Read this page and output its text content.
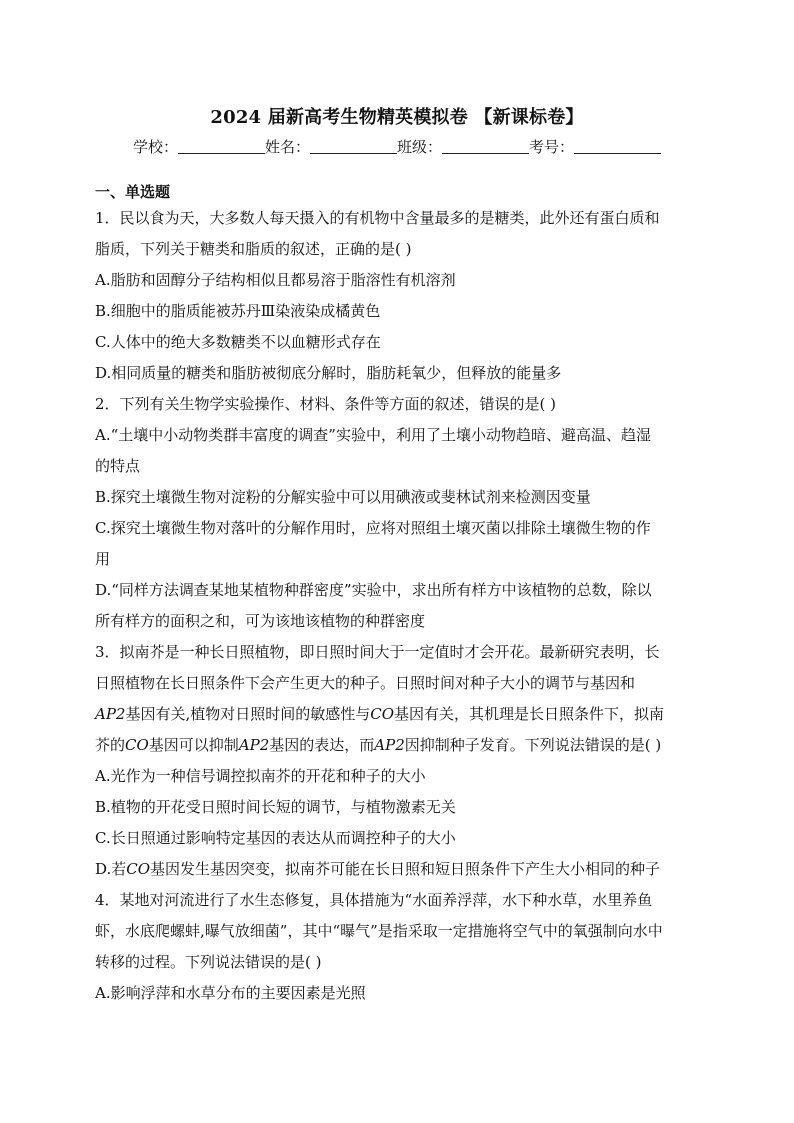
2024 届新高考生物精英模拟卷 【新课标卷】
学校：	姓名：	班级：	考号：
一、单选题
1．民以食为天，大多数人每天摄入的有机物中含量最多的是糖类，此外还有蛋白质和
脂质，下列关于糖类和脂质的叙述，正确的是( )
A.脂肪和固醇分子结构相似且都易溶于脂溶性有机溶剂
B.细胞中的脂质能被苏丹Ⅲ染液染成橘黄色
C.人体中的绝大多数糖类不以血糖形式存在
D.相同质量的糖类和脂肪被彻底分解时，脂肪耗氧少，但释放的能量多
2．下列有关生物学实验操作、材料、条件等方面的叙述，错误的是( )
A.“土壤中小动物类群丰富度的调查”实验中，利用了土壤小动物趋暗、避高温、趋湿
的特点
B.探究土壤微生物对淀粉的分解实验中可以用碘液或斐林试剂来检测因变量
C.探究土壤微生物对落叶的分解作用时，应将对照组土壤灭菌以排除土壤微生物的作
用
D.“同样方法调查某地某植物种群密度”实验中，求出所有样方中该植物的总数，除以
所有样方的面积之和，可为该地该植物的种群密度
3．拟南芥是一种长日照植物，即日照时间大于一定值时才会开花。最新研究表明，长
日照植物在长日照条件下会产生更大的种子。日照时间对种子大小的调节与基因和
AP2基因有关,植物对日照时间的敏感性与CO基因有关，其机理是长日照条件下，拟南
芥的CO基因可以抑制AP2基因的表达，而AP2因抑制种子发育。下列说法错误的是( )
A.光作为一种信号调控拟南芥的开花和种子的大小
B.植物的开花受日照时间长短的调节，与植物激素无关
C.长日照通过影响特定基因的表达从而调控种子的大小
D.若CO基因发生基因突变，拟南芥可能在长日照和短日照条件下产生大小相同的种子
4．某地对河流进行了水生态修复，具体措施为“水面养浮萍，水下种水草，水里养鱼
虾，水底爬螺蚌,曝气放细菌”，其中“曝气”是指采取一定措施将空气中的氧强制向水中
转移的过程。下列说法错误的是( )
A.影响浮萍和水草分布的主要因素是光照
